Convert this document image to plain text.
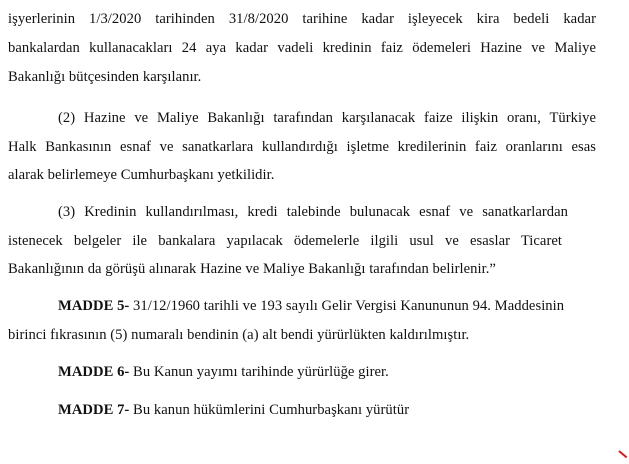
işyerlerinin 1/3/2020 tarihinden 31/8/2020 tarihine kadar işleyecek kira bedeli kadar
bankalardan kullanacakları 24 aya kadar vadeli kredinin faiz ödemeleri Hazine ve Maliye
Bakanlığı bütçesinden karşılanır.
(2) Hazine ve Maliye Bakanlığı tarafından karşılanacak faize ilişkin oranı, Türkiye
Halk Bankasının esnaf ve sanatkarlara kullandırdığı işletme kredilerinin faiz oranlarını esas
alarak belirlemeye Cumhurbaşkanı yetkilidir.
(3) Kredinin kullandırılması, kredi talebinde bulunacak esnaf ve sanatkarlardan
istenecek belgeler ile bankalara yapılacak ödemelerle ilgili usul ve esaslar Ticaret
Bakanlığının da görüşü alınarak Hazine ve Maliye Bakanlığı tarafından belirlenir.”
MADDE 5- 31/12/1960 tarihli ve 193 sayılı Gelir Vergisi Kanununun 94. Maddesinin
birinci fıkrasının (5) numaralı bendinin (a) alt bendi yürürlükten kaldırılmıştır.
MADDE 6- Bu Kanun yayımı tarihinde yürürlüğe girer.
MADDE 7- Bu kanun hükümlerini Cumhurbaşkanı yürütür
